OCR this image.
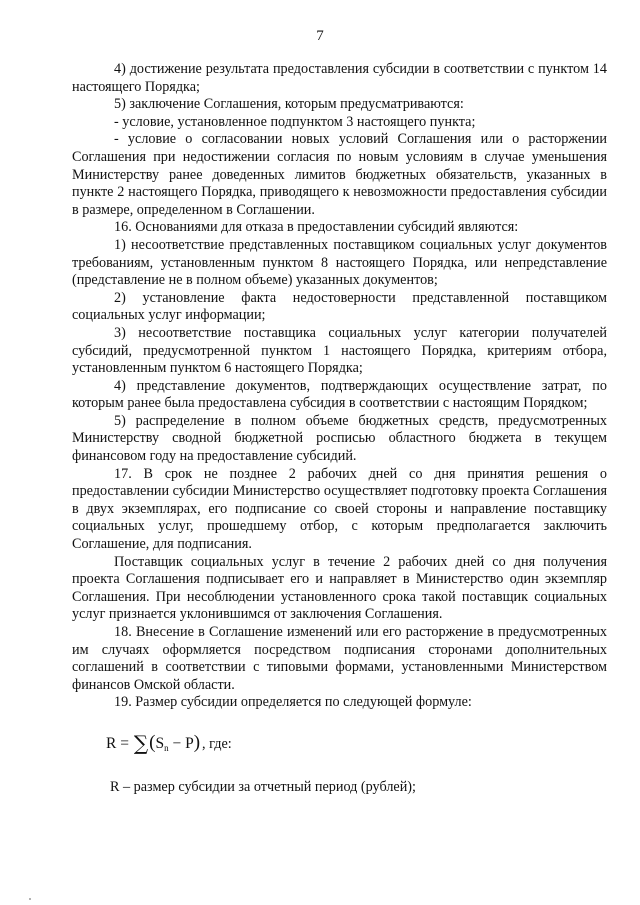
7

4) достижение результата предоставления субсидии в соответствии с пунктом 14 настоящего Порядка;

5) заключение Соглашения, которым предусматриваются:

- условие, установленное подпунктом 3 настоящего пункта;

- условие о согласовании новых условий Соглашения или о расторжении Соглашения при недостижении согласия по новым условиям в случае уменьшения Министерству ранее доведенных лимитов бюджетных обязательств, указанных в пункте 2 настоящего Порядка, приводящего к невозможности предоставления субсидии в размере, определенном в Соглашении.

16. Основаниями для отказа в предоставлении субсидий являются:

1) несоответствие представленных поставщиком социальных услуг документов требованиям, установленным пунктом 8 настоящего Порядка, или непредставление (представление не в полном объеме) указанных документов;

2) установление факта недостоверности представленной поставщиком социальных услуг информации;

3) несоответствие поставщика социальных услуг категории получателей субсидий, предусмотренной пунктом 1 настоящего Порядка, критериям отбора, установленным пунктом 6 настоящего Порядка;

4) представление документов, подтверждающих осуществление затрат, по которым ранее была предоставлена субсидия в соответствии с настоящим Порядком;

5) распределение в полном объеме бюджетных средств, предусмотренных Министерству сводной бюджетной росписью областного бюджета в текущем финансовом году на предоставление субсидий.

17. В срок не позднее 2 рабочих дней со дня принятия решения о предоставлении субсидии Министерство осуществляет подготовку проекта Соглашения в двух экземплярах, его подписание со своей стороны и направление поставщику социальных услуг, прошедшему отбор, с которым предполагается заключить Соглашение, для подписания.

Поставщик социальных услуг в течение 2 рабочих дней со дня получения проекта Соглашения подписывает его и направляет в Министерство один экземпляр Соглашения. При несоблюдении установленного срока такой поставщик социальных услуг признается уклонившимся от заключения Соглашения.

18. Внесение в Соглашение изменений или его расторжение в предусмотренных им случаях оформляется посредством подписания сторонами дополнительных соглашений в соответствии с типовыми формами, установленными Министерством финансов Омской области.

19. Размер субсидии определяется по следующей формуле:

$R = \sum(S_n - P)$ , где:

R – размер субсидии за отчетный период (рублей);
